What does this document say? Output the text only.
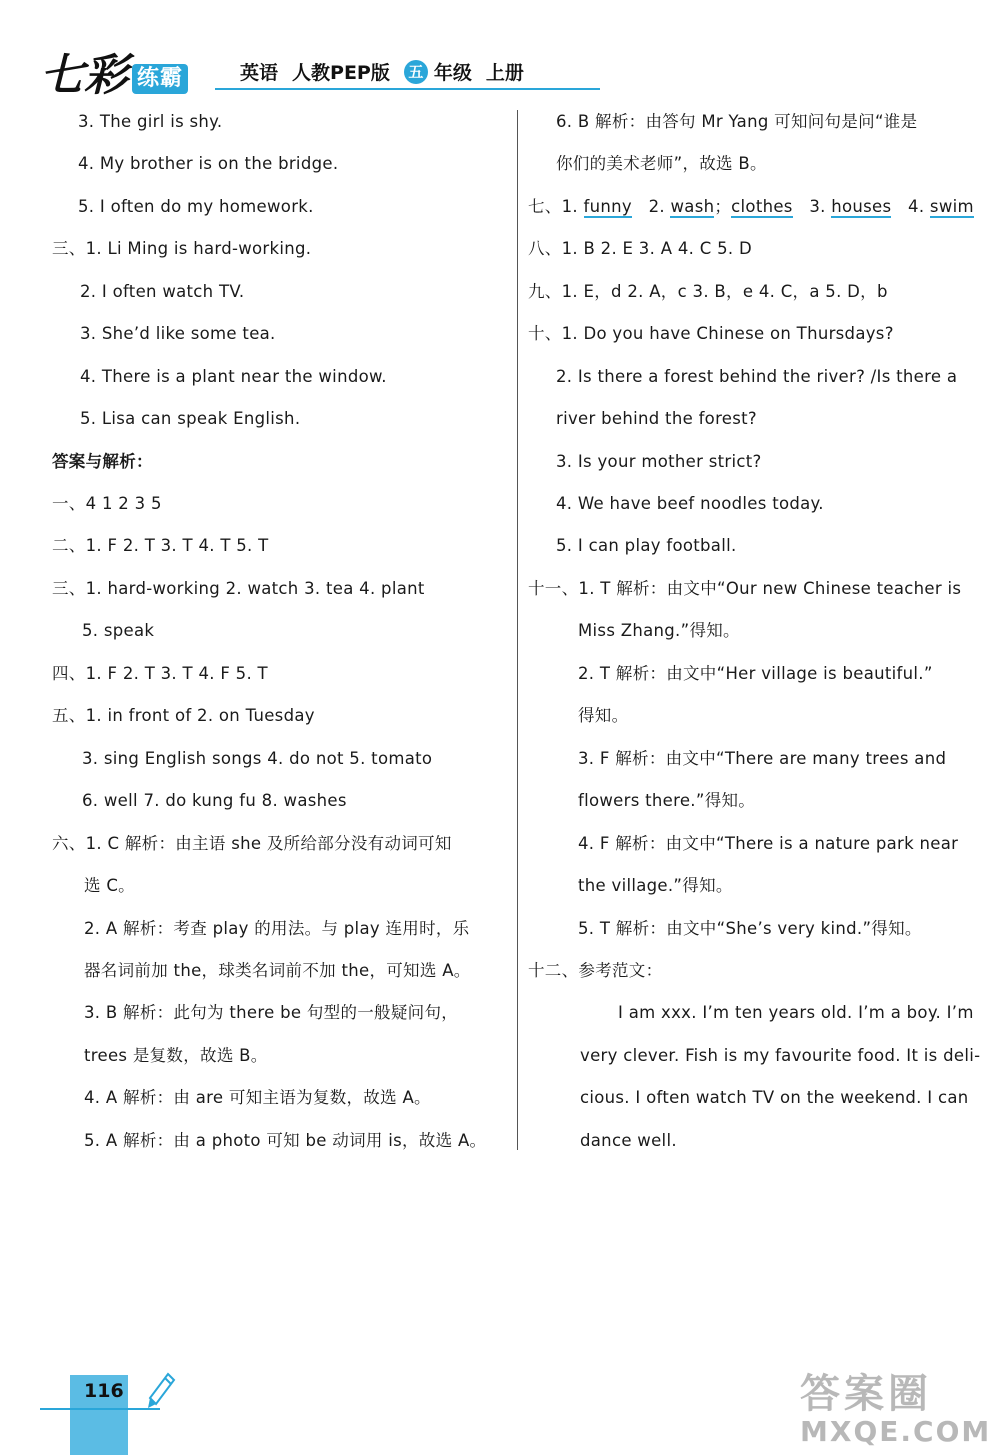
七彩 练霸	英语 人教PEP版 五 年级 上册
3. The girl is shy.
4. My brother is on the bridge.
5. I often do my homework.
三、1. Li Ming is hard-working.
2. I often watch TV.
3. She’d like some tea.
4. There is a plant near the window.
5. Lisa can speak English.
答案与解析：
一、4 1 2 3 5
二、1. F 2. T 3. T 4. T 5. T
三、1. hard-working 2. watch 3. tea 4. plant
5. speak
四、1. F 2. T 3. T 4. F 5. T
五、1. in front of 2. on Tuesday
3. sing English songs 4. do not 5. tomato
6. well 7. do kung fu 8. washes
六、1. C 解析：由主语 she 及所给部分没有动词可知
选 C。
2. A 解析：考查 play 的用法。与 play 连用时，乐
器名词前加 the，球类名词前不加 the，可知选 A。
3. B 解析：此句为 there be 句型的一般疑问句，
trees 是复数，故选 B。
4. A 解析：由 are 可知主语为复数，故选 A。
5. A 解析：由 a photo 可知 be 动词用 is，故选 A。
6. B 解析：由答句 Mr Yang 可知问句是问“谁是
你们的美术老师”，故选 B。
七、1. funny 2. wash；clothes 3. houses 4. swim
八、1. B 2. E 3. A 4. C 5. D
九、1. E，d 2. A，c 3. B，e 4. C，a 5. D，b
十、1. Do you have Chinese on Thursdays?
2. Is there a forest behind the river? /Is there a
river behind the forest?
3. Is your mother strict?
4. We have beef noodles today.
5. I can play football.
十一、1. T 解析：由文中“Our new Chinese teacher is
Miss Zhang.”得知。
2. T 解析：由文中“Her village is beautiful.”
得知。
3. F 解析：由文中“There are many trees and
flowers there.”得知。
4. F 解析：由文中“There is a nature park near
the village.”得知。
5. T 解析：由文中“She’s very kind.”得知。
十二、参考范文：
I am xxx. I’m ten years old. I’m a boy. I’m
very clever. Fish is my favourite food. It is deli-
cious. I often watch TV on the weekend. I can
dance well.
116	答案圈
MXQE.COM
